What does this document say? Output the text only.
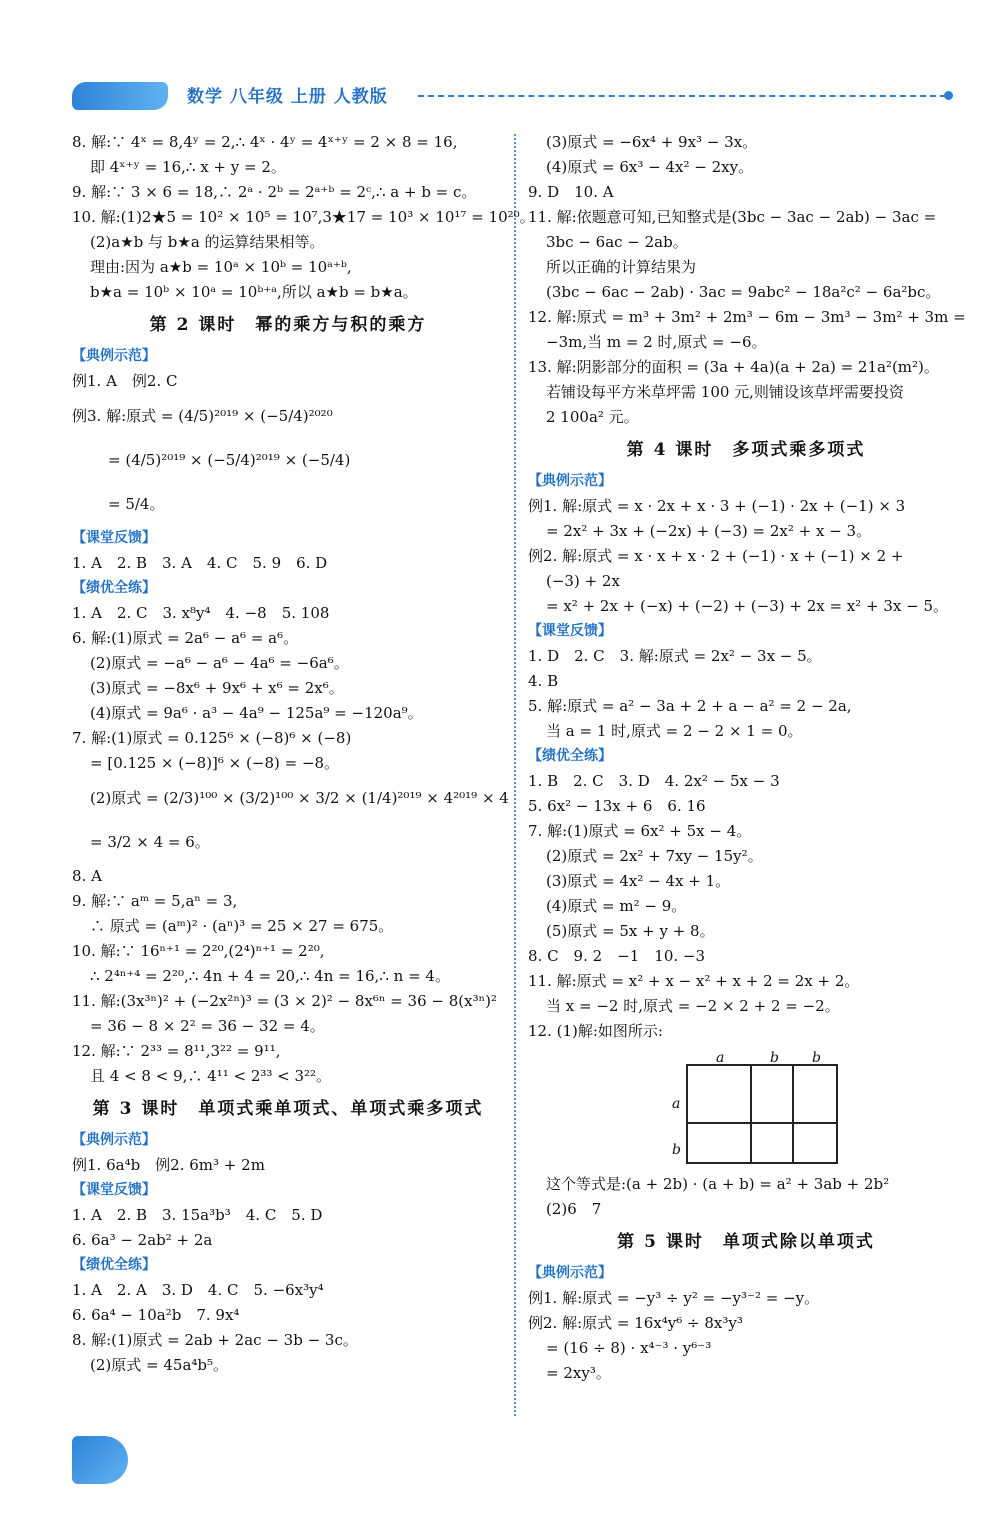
数学 八年级 上册 人教版
8. 解:∵ 4ˣ = 8,4ʸ = 2,∴ 4ˣ · 4ʸ = 4ˣ⁺ʸ = 2 × 8 = 16,
即 4ˣ⁺ʸ = 16,∴ x + y = 2。
9. 解:∵ 3 × 6 = 18,∴ 2ᵃ · 2ᵇ = 2ᵃ⁺ᵇ = 2ᶜ,∴ a + b = c。
10. 解:(1)2★5 = 10² × 10⁵ = 10⁷,3★17 = 10³ × 10¹⁷ = 10²⁰。
(2)a★b 与 b★a 的运算结果相等。
理由:因为 a★b = 10ᵃ × 10ᵇ = 10ᵃ⁺ᵇ,
b★a = 10ᵇ × 10ᵃ = 10ᵇ⁺ᵃ,所以 a★b = b★a。
第 2 课时　幂的乘方与积的乘方
【典例示范】
例1. A　例2. C
例3. 解:原式 = (4/5)²⁰¹⁹ × (−5/4)²⁰²⁰
= (4/5)²⁰¹⁹ × (−5/4)²⁰¹⁹ × (−5/4)
= 5/4。
【课堂反馈】
1. A　2. B　3. A　4. C　5. 9　6. D
【绩优全练】
1. A　2. C　3. x⁸y⁴　4. −8　5. 108
6. 解:(1)原式 = 2a⁶ − a⁶ = a⁶。
(2)原式 = −a⁶ − a⁶ − 4a⁶ = −6a⁶。
(3)原式 = −8x⁶ + 9x⁶ + x⁶ = 2x⁶。
(4)原式 = 9a⁶ · a³ − 4a⁹ − 125a⁹ = −120a⁹。
7. 解:(1)原式 = 0.125⁶ × (−8)⁶ × (−8)
= [0.125 × (−8)]⁶ × (−8) = −8。
(2)原式 = (2/3)¹⁰⁰ × (3/2)¹⁰⁰ × 3/2 × (1/4)²⁰¹⁹ × 4²⁰¹⁹ × 4
= 3/2 × 4 = 6。
8. A
9. 解:∵ aᵐ = 5,aⁿ = 3,
∴ 原式 = (aᵐ)² · (aⁿ)³ = 25 × 27 = 675。
10. 解:∵ 16ⁿ⁺¹ = 2²⁰,(2⁴)ⁿ⁺¹ = 2²⁰,
∴ 2⁴ⁿ⁺⁴ = 2²⁰,∴ 4n + 4 = 20,∴ 4n = 16,∴ n = 4。
11. 解:(3x³ⁿ)² + (−2x²ⁿ)³ = (3 × 2)² − 8x⁶ⁿ = 36 − 8(x³ⁿ)²
= 36 − 8 × 2² = 36 − 32 = 4。
12. 解:∵ 2³³ = 8¹¹,3²² = 9¹¹,
且 4 < 8 < 9,∴ 4¹¹ < 2³³ < 3²²。
第 3 课时　单项式乘单项式、单项式乘多项式
【典例示范】
例1. 6a⁴b　例2. 6m³ + 2m
【课堂反馈】
1. A　2. B　3. 15a³b³　4. C　5. D
6. 6a³ − 2ab² + 2a
【绩优全练】
1. A　2. A　3. D　4. C　5. −6x³y⁴
6. 6a⁴ − 10a²b　7. 9x⁴
8. 解:(1)原式 = 2ab + 2ac − 3b − 3c。
(2)原式 = 45a⁴b⁵。
(3)原式 = −6x⁴ + 9x³ − 3x。
(4)原式 = 6x³ − 4x² − 2xy。
9. D　10. A
11. 解:依题意可知,已知整式是(3bc − 3ac − 2ab) − 3ac =
3bc − 6ac − 2ab。
所以正确的计算结果为
(3bc − 6ac − 2ab) · 3ac = 9abc² − 18a²c² − 6a²bc。
12. 解:原式 = m³ + 3m² + 2m³ − 6m − 3m³ − 3m² + 3m =
−3m,当 m = 2 时,原式 = −6。
13. 解:阴影部分的面积 = (3a + 4a)(a + 2a) = 21a²(m²)。
若铺设每平方米草坪需 100 元,则铺设该草坪需要投资
2 100a² 元。
第 4 课时　多项式乘多项式
【典例示范】
例1. 解:原式 = x · 2x + x · 3 + (−1) · 2x + (−1) × 3
= 2x² + 3x + (−2x) + (−3) = 2x² + x − 3。
例2. 解:原式 = x · x + x · 2 + (−1) · x + (−1) × 2 +
(−3) + 2x
= x² + 2x + (−x) + (−2) + (−3) + 2x = x² + 3x − 5。
【课堂反馈】
1. D　2. C　3. 解:原式 = 2x² − 3x − 5。
4. B
5. 解:原式 = a² − 3a + 2 + a − a² = 2 − 2a,
当 a = 1 时,原式 = 2 − 2 × 1 = 0。
【绩优全练】
1. B　2. C　3. D　4. 2x² − 5x − 3
5. 6x² − 13x + 6　6. 16
7. 解:(1)原式 = 6x² + 5x − 4。
(2)原式 = 2x² + 7xy − 15y²。
(3)原式 = 4x² − 4x + 1。
(4)原式 = m² − 9。
(5)原式 = 5x + y + 8。
8. C　9. 2　−1　10. −3
11. 解:原式 = x² + x − x² + x + 2 = 2x + 2。
当 x = −2 时,原式 = −2 × 2 + 2 = −2。
12. (1)解:如图所示:
a	b b
a
b
这个等式是:(a + 2b) · (a + b) = a² + 3ab + 2b²
(2)6　7
第 5 课时　单项式除以单项式
【典例示范】
例1. 解:原式 = −y³ ÷ y² = −y³⁻² = −y。
例2. 解:原式 = 16x⁴y⁶ ÷ 8x³y³
= (16 ÷ 8) · x⁴⁻³ · y⁶⁻³
= 2xy³。
